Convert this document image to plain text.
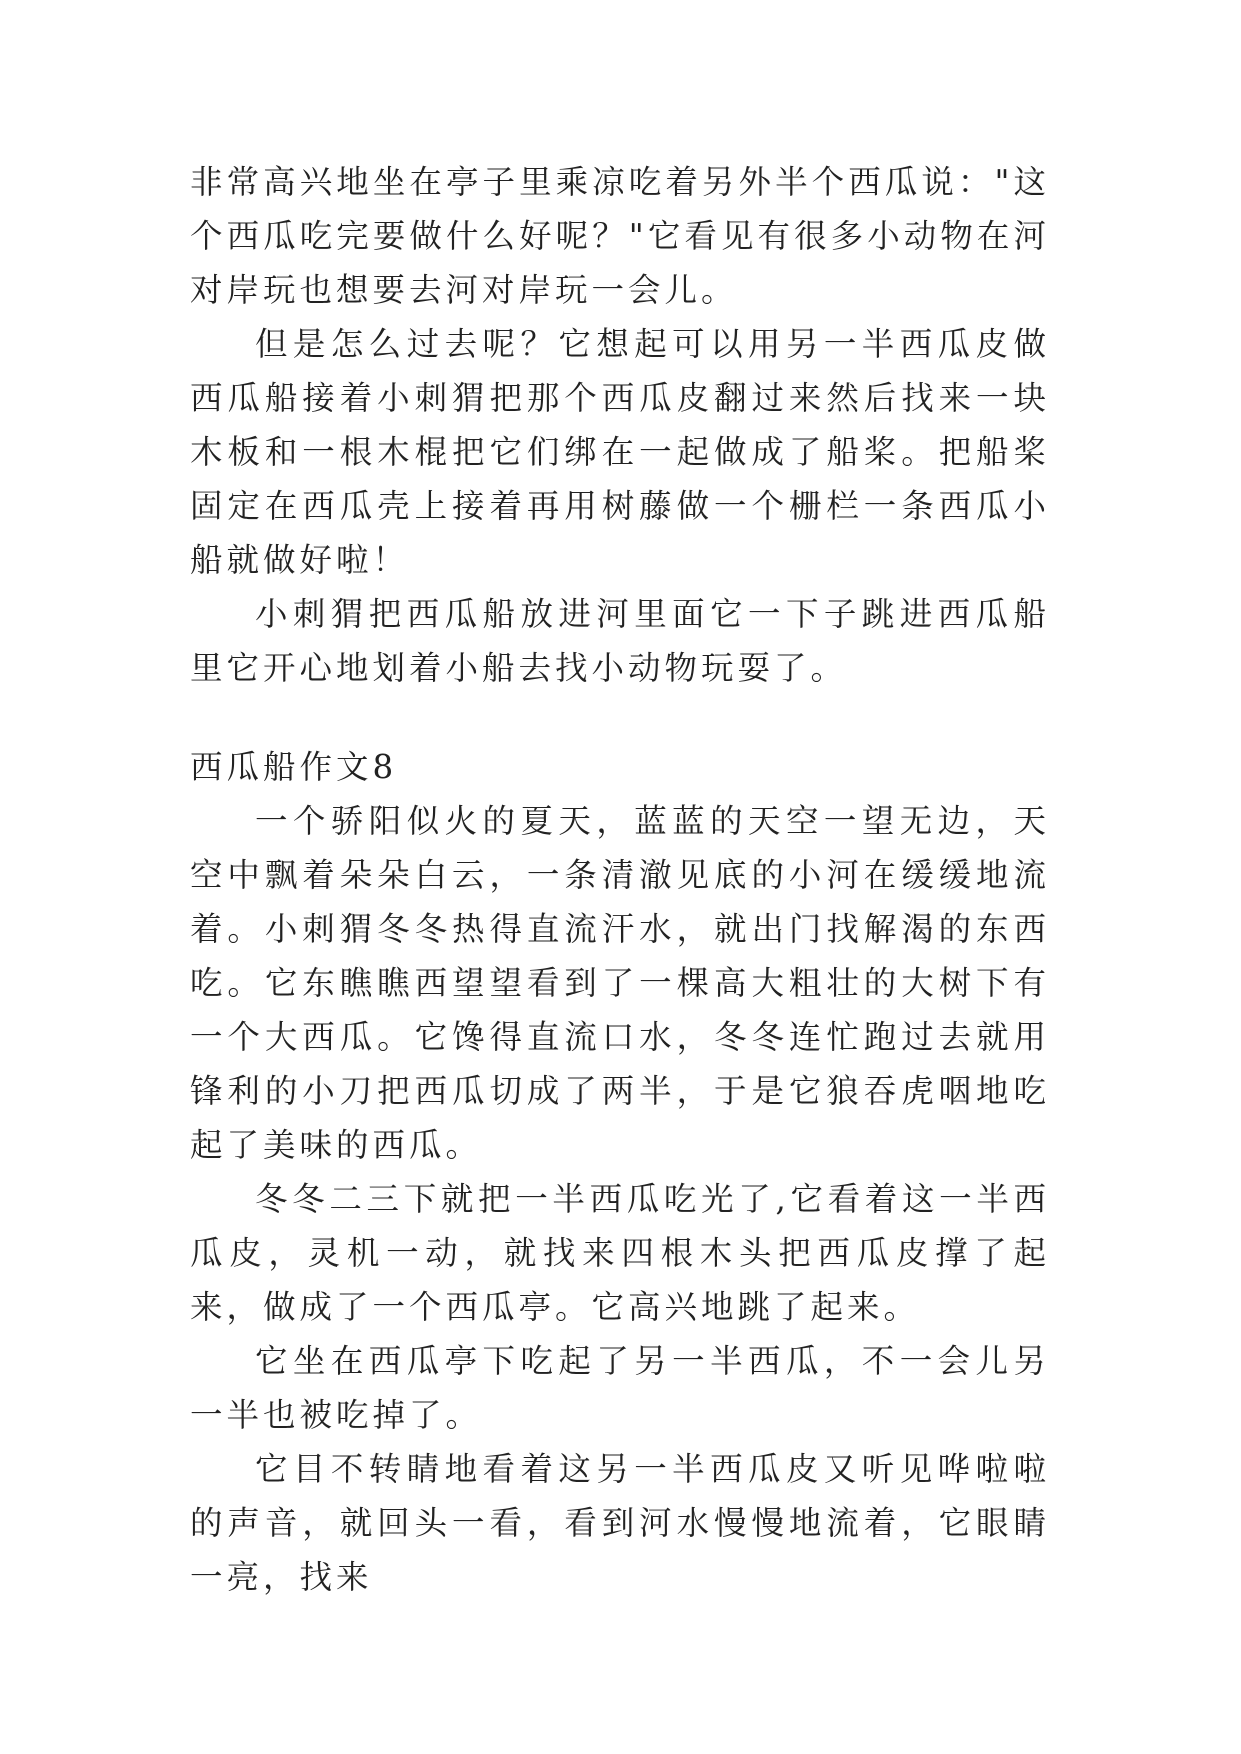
非常高兴地坐在亭子里乘凉吃着另外半个西瓜说："这个西瓜吃完要做什么好呢？"它看见有很多小动物在河对岸玩也想要去河对岸玩一会儿。

但是怎么过去呢？它想起可以用另一半西瓜皮做西瓜船接着小刺猬把那个西瓜皮翻过来然后找来一块木板和一根木棍把它们绑在一起做成了船桨。把船桨固定在西瓜壳上接着再用树藤做一个栅栏一条西瓜小船就做好啦！

小刺猬把西瓜船放进河里面它一下子跳进西瓜船里它开心地划着小船去找小动物玩耍了。

西瓜船作文8

一个骄阳似火的夏天，蓝蓝的天空一望无边，天空中飘着朵朵白云，一条清澈见底的小河在缓缓地流着。小刺猬冬冬热得直流汗水，就出门找解渴的东西吃。它东瞧瞧西望望看到了一棵高大粗壮的大树下有一个大西瓜。它馋得直流口水，冬冬连忙跑过去就用锋利的小刀把西瓜切成了两半，于是它狼吞虎咽地吃起了美味的西瓜。

冬冬二三下就把一半西瓜吃光了,它看着这一半西瓜皮，灵机一动，就找来四根木头把西瓜皮撑了起来，做成了一个西瓜亭。它高兴地跳了起来。

它坐在西瓜亭下吃起了另一半西瓜，不一会儿另一半也被吃掉了。

它目不转睛地看着这另一半西瓜皮又听见哗啦啦的声音，就回头一看，看到河水慢慢地流着，它眼睛一亮，找来
